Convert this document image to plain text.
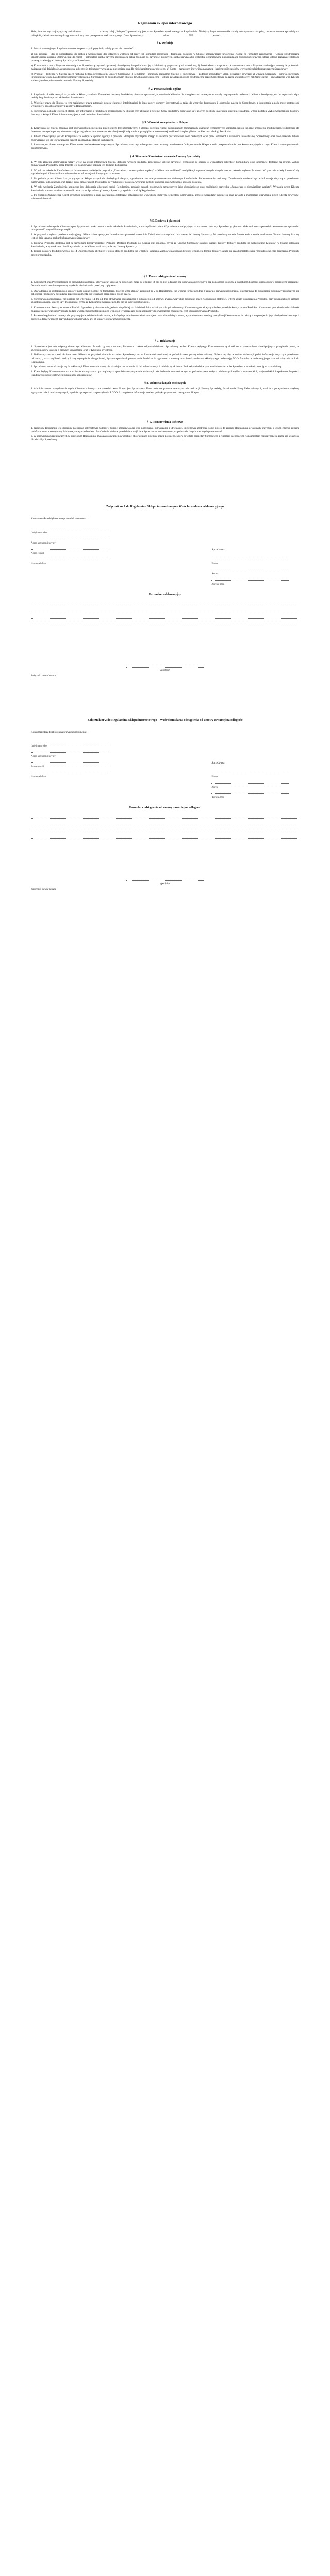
Regulamin sklepu internetowego
Sklep internetowy znajdujący się pod adresem .......................... (zwany dalej „Sklepem”) prowadzony jest przez Sprzedawcę wskazanego w Regulaminie. Niniejszy Regulamin określa zasady dokonywania zakupów, zawierania umów sprzedaży na odległość, świadczenia usług drogą elektroniczną oraz postępowania reklamacyjnego. Dane Sprzedawcy: .........................., adres: .........................., NIP: .........................., e-mail: ..........................
§ 1. Definicje
1. Ilekroć w niniejszym Regulaminie mowa o poniższych pojęciach, należy przez nie rozumieć:
a) Dni robocze – dni od poniedziałku do piątku z wyłączeniem dni ustawowo wolnych od pracy; b) Formularz rejestracji – formularz dostępny w Sklepie umożliwiający utworzenie Konta; c) Formularz zamówienia – Usługa Elektroniczna umożliwiająca złożenie Zamówienia; d) Klient – pełnoletnia osoba fizyczna posiadająca pełną zdolność do czynności prawnych, osoba prawna albo jednostka organizacyjna nieposiadająca osobowości prawnej, której ustawa przyznaje zdolność prawną, zawierająca Umowę Sprzedaży ze Sprzedawcą.
e) Konsument – osoba fizyczna dokonująca ze Sprzedawcą czynności prawnej niezwiązanej bezpośrednio z jej działalnością gospodarczą lub zawodową; f) Przedsiębiorca na prawach konsumenta – osoba fizyczna zawierająca umowę bezpośrednio związaną z jej działalnością gospodarczą, gdy z treści tej umowy wynika, że nie posiada ona dla niej charakteru zawodowego; g) Konto – oznaczony indywidualną nazwą i hasłem zbiór zasobów w systemie teleinformatycznym Sprzedawcy.
h) Produkt – dostępna w Sklepie rzecz ruchoma będąca przedmiotem Umowy Sprzedaży; i) Regulamin – niniejszy regulamin Sklepu; j) Sprzedawca – podmiot prowadzący Sklep, wskazany powyżej; k) Umowa Sprzedaży – umowa sprzedaży Produktu zawierana na odległość pomiędzy Klientem a Sprzedawcą za pośrednictwem Sklepu; l) Usługa Elektroniczna – usługa świadczona drogą elektroniczną przez Sprzedawcę na rzecz Usługobiorcy; m) Zamówienie – oświadczenie woli Klienta zmierzające bezpośrednio do zawarcia Umowy Sprzedaży.
§ 2. Postanowienia ogólne
1. Regulamin określa zasady korzystania ze Sklepu, składania Zamówień, dostawy Produktów, uiszczania płatności, uprawnienia Klientów do odstąpienia od umowy oraz zasady rozpatrywania reklamacji. Klient zobowiązany jest do zapoznania się z treścią Regulaminu przed złożeniem Zamówienia.
2. Wszelkie prawa do Sklepu, w tym majątkowe prawa autorskie, prawa własności intelektualnej do jego nazwy, domeny internetowej, a także do wzorców, formularzy i logotypów należą do Sprzedawcy, a korzystanie z nich może następować wyłącznie w sposób określony i zgodny z Regulaminem.
3. Sprzedawca dokłada wszelkich starań, aby informacje o Produktach prezentowane w Sklepie były aktualne i rzetelne. Ceny Produktów podawane są w złotych polskich i zawierają wszystkie składniki, w tym podatek VAT, z wyłączeniem kosztów dostawy, o których Klient informowany jest przed złożeniem Zamówienia.
§ 3. Warunki korzystania ze Sklepu
1. Korzystanie ze Sklepu możliwe jest pod warunkiem spełnienia przez system teleinformatyczny, z którego korzysta Klient, następujących minimalnych wymagań technicznych: komputer, laptop lub inne urządzenie multimedialne z dostępem do Internetu; dostęp do poczty elektronicznej; przeglądarka internetowa w aktualnej wersji; włączenie w przeglądarce internetowej możliwości zapisu plików cookies oraz obsługi JavaScript.
2. Klient zobowiązany jest do korzystania ze Sklepu w sposób zgodny z prawem i dobrymi obyczajami, mając na uwadze poszanowanie dóbr osobistych oraz praw autorskich i własności intelektualnej Sprzedawcy oraz osób trzecich. Klient zobowiązany jest do wprowadzania danych zgodnych ze stanem faktycznym.
3. Zakazane jest dostarczanie przez Klienta treści o charakterze bezprawnym. Sprzedawca zastrzega sobie prawo do czasowego zawieszenia funkcjonowania Sklepu w celu przeprowadzenia prac konserwacyjnych, o czym Klienci zostaną uprzednio poinformowani.
§ 4. Składanie Zamówień i zawarcie Umowy Sprzedaży
1. W celu złożenia Zamówienia należy wejść na stronę internetową Sklepu, dokonać wyboru Produktu, podejmując kolejne czynności techniczne w oparciu o wyświetlane Klientowi komunikaty oraz informacje dostępne na stronie. Wybór zamawianych Produktów przez Klienta jest dokonywany poprzez ich dodanie do koszyka.
2. W trakcie składania Zamówienia – do momentu naciśnięcia przycisku „Zamawiam z obowiązkiem zapłaty” – Klient ma możliwość modyfikacji wprowadzonych danych oraz w zakresie wyboru Produktu. W tym celu należy kierować się wyświetlanymi Klientowi komunikatami oraz informacjami dostępnymi na stronie.
3. Po podaniu przez Klienta korzystającego ze Sklepu wszystkich niezbędnych danych, wyświetlone zostanie podsumowanie złożonego Zamówienia. Podsumowanie złożonego Zamówienia zawierać będzie informacje dotyczące: przedmiotu Zamówienia, jednostkowej oraz łącznej ceny zamawianych Produktów, w tym kosztów dostawy, wybranej metody płatności oraz wybranego sposobu dostawy.
4. W celu wysłania Zamówienia konieczne jest dokonanie akceptacji treści Regulaminu, podanie danych osobowych oznaczonych jako obowiązkowe oraz naciśnięcie przycisku „Zamawiam z obowiązkiem zapłaty”. Wysłanie przez Klienta Zamówienia stanowi oświadczenie woli zawarcia ze Sprzedawcą Umowy Sprzedaży, zgodnie z treścią Regulaminu.
5. Po złożeniu Zamówienia Klient otrzymuje wiadomość e-mail zawierającą ostateczne potwierdzenie wszystkich istotnych elementów Zamówienia. Umowę Sprzedaży traktuje się jako zawartą z momentem otrzymania przez Klienta powyższej wiadomości e-mail.
§ 5. Dostawa i płatności
1. Sprzedawca udostępnia Klientowi sposoby płatności wskazane w trakcie składania Zamówienia, w szczególności: płatność przelewem tradycyjnym na rachunek bankowy Sprzedawcy, płatności elektroniczne za pośrednictwem operatora płatności oraz płatność przy odbiorze przesyłki.
2. W przypadku wyboru przelewu tradycyjnego Klient zobowiązany jest do dokonania płatności w terminie 7 dni kalendarzowych od dnia zawarcia Umowy Sprzedaży. W przeciwnym razie Zamówienie zostanie anulowane. Termin dostawy liczony jest od dnia uznania rachunku bankowego Sprzedawcy.
3. Dostawa Produktu dostępna jest na terytorium Rzeczypospolitej Polskiej. Dostawa Produktu do Klienta jest odpłatna, chyba że Umowa Sprzedaży stanowi inaczej. Koszty dostawy Produktu są wskazywane Klientowi w trakcie składania Zamówienia, w tym także w chwili wyrażenia przez Klienta woli związania się Umową Sprzedaży.
4. Termin dostawy Produktu wynosi do 14 Dni roboczych, chyba że w opisie danego Produktu lub w trakcie składania Zamówienia podano krótszy termin. Na termin dostawy składa się czas kompletowania Produktu oraz czas doręczenia Produktu przez przewoźnika.
§ 6. Prawo odstąpienia od umowy
1. Konsument oraz Przedsiębiorca na prawach konsumenta, który zawarł umowę na odległość, może w terminie 14 dni od niej odstąpić bez podawania przyczyny i bez ponoszenia kosztów, z wyjątkiem kosztów określonych w niniejszym paragrafie. Do zachowania terminu wystarczy wysłanie oświadczenia przed jego upływem.
2. Oświadczenie o odstąpieniu od umowy może zostać złożone na formularzu, którego wzór stanowi załącznik nr 2 do Regulaminu, lub w innej formie zgodnej z ustawą o prawach konsumenta. Bieg terminu do odstąpienia od umowy rozpoczyna się od objęcia Produktu w posiadanie przez Konsumenta lub wskazaną przez niego osobę trzecią.
3. Sprzedawca niezwłocznie, nie później niż w terminie 14 dni od dnia otrzymania oświadczenia o odstąpieniu od umowy, zwraca wszystkie dokonane przez Konsumenta płatności, w tym koszty dostarczenia Produktu, przy użyciu takiego samego sposobu płatności, jakiego użył Konsument, chyba że Konsument wyraźnie zgodził się na inny sposób zwrotu.
4. Konsument ma obowiązek zwrócić Produkt Sprzedawcy niezwłocznie, jednak nie później niż 14 dni od dnia, w którym odstąpił od umowy. Konsument ponosi wyłącznie bezpośrednie koszty zwrotu Produktu. Konsument ponosi odpowiedzialność za zmniejszenie wartości Produktu będące wynikiem korzystania z niego w sposób wykraczający poza konieczny do stwierdzenia charakteru, cech i funkcjonowania Produktu.
5. Prawo odstąpienia od umowy nie przysługuje w odniesieniu do umów, w których przedmiotem świadczenia jest rzecz nieprefabrykowana, wyprodukowana według specyfikacji Konsumenta lub służąca zaspokojeniu jego zindywidualizowanych potrzeb, a także w innych przypadkach wskazanych w art. 38 ustawy o prawach konsumenta.
§ 7. Reklamacje
1. Sprzedawca jest zobowiązany dostarczyć Klientowi Produkt zgodny z umową. Podstawa i zakres odpowiedzialności Sprzedawcy wobec Klienta będącego Konsumentem są określone w powszechnie obowiązujących przepisach prawa, w szczególności w ustawie o prawach konsumenta oraz w Kodeksie cywilnym.
2. Reklamacja może zostać złożona przez Klienta na przykład pisemnie na adres Sprzedawcy lub w formie elektronicznej za pośrednictwem poczty elektronicznej. Zaleca się, aby w opisie reklamacji podać informacje dotyczące przedmiotu reklamacji, w szczególności rodzaj i datę wystąpienia niezgodności, żądanie sposobu doprowadzenia Produktu do zgodności z umową oraz dane kontaktowe składającego reklamację. Wzór formularza reklamacyjnego stanowi załącznik nr 1 do Regulaminu.
3. Sprzedawca ustosunkowuje się do reklamacji Klienta niezwłocznie, nie później niż w terminie 14 dni kalendarzowych od dnia jej złożenia. Brak odpowiedzi w tym terminie oznacza, że Sprzedawca uznał reklamację za uzasadnioną.
4. Klient będący Konsumentem ma możliwość skorzystania z pozasądowych sposobów rozpatrywania reklamacji i dochodzenia roszczeń, w tym za pośrednictwem stałych polubownych sądów konsumenckich, wojewódzkich inspektorów Inspekcji Handlowej oraz powiatowych rzeczników konsumentów.
§ 8. Ochrona danych osobowych
1. Administratorem danych osobowych Klientów zbieranych za pośrednictwem Sklepu jest Sprzedawca. Dane osobowe przetwarzane są w celu realizacji Umowy Sprzedaży, świadczenia Usług Elektronicznych, a także – po wyrażeniu odrębnej zgody – w celach marketingowych, zgodnie z przepisami rozporządzenia RODO. Szczegółowe informacje zawiera polityka prywatności dostępna w Sklepie.
§ 9. Postanowienia końcowe
1. Niniejszy Regulamin jest dostępny na stronie internetowej Sklepu w formie umożliwiającej jego pozyskanie, odtwarzanie i utrwalanie. Sprzedawca zastrzega sobie prawo do zmiany Regulaminu z ważnych przyczyn, o czym Klienci zostaną poinformowani z co najmniej 14-dniowym wyprzedzeniem. Zamówienia złożone przed dniem wejścia w życie zmian realizowane są na podstawie dotychczasowych postanowień.
2. W sprawach nieuregulowanych w niniejszym Regulaminie mają zastosowanie powszechnie obowiązujące przepisy prawa polskiego. Spory powstałe pomiędzy Sprzedawcą a Klientem niebędącym Konsumentem rozstrzygane są przez sąd właściwy dla siedziby Sprzedawcy.
Załącznik nr 1 do Regulaminu Sklepu internetowego – Wzór formularza reklamacyjnego
Konsument/Przedsiębiorca na prawach konsumenta:
Imię i nazwisko
Adres korespondencyjny
Adres e-mail
Numer telefonu
Sprzedawca:
Firma
Adres
Adres e-mail
Formularz reklamacyjny
(podpis)
Załącznik: dowód zakupu
Załącznik nr 2 do Regulaminu Sklepu internetowego – Wzór formularza odstąpienia od umowy zawartej na odległość
Konsument/Przedsiębiorca na prawach konsumenta:
Imię i nazwisko
Adres korespondencyjny
Adres e-mail
Numer telefonu
Sprzedawca:
Firma
Adres
Adres e-mail
Formularz odstąpienia od umowy zawartej na odległość
(podpis)
Załącznik: dowód zakupu
